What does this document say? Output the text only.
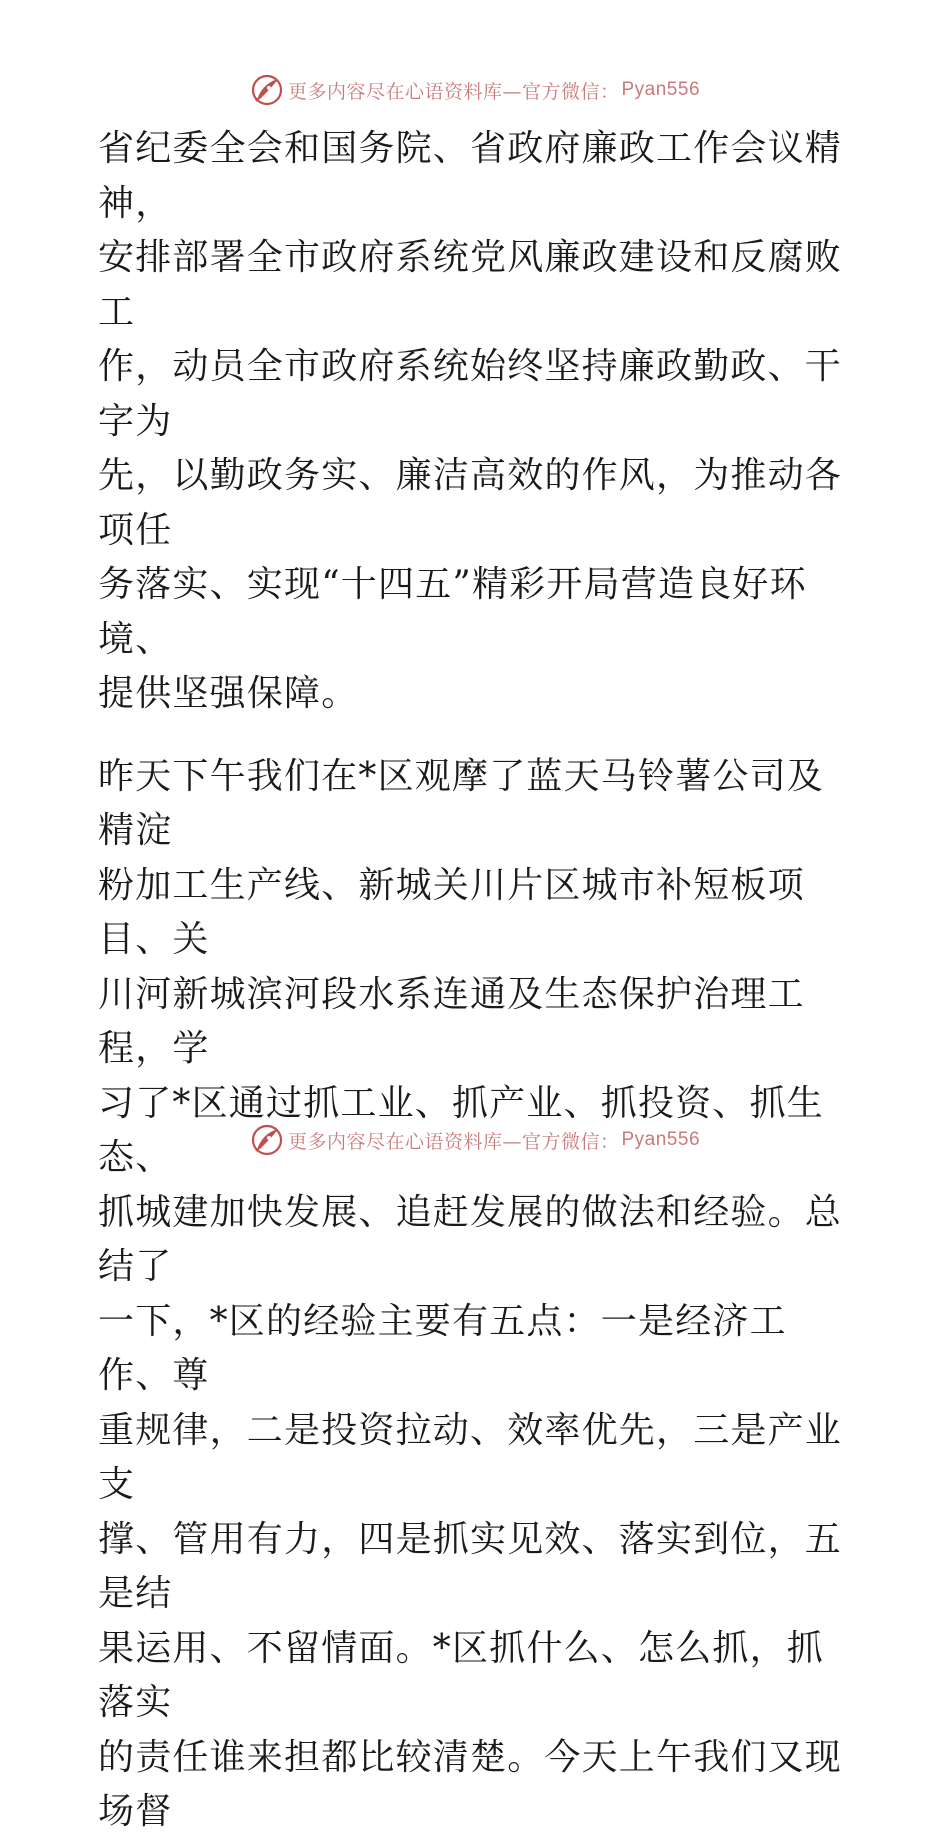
更多内容尽在心语资料库—官方微信： Pyan556

省纪委全会和国务院、省政府廉政工作会议精神，
安排部署全市政府系统党风廉政建设和反腐败工
作，动员全市政府系统始终坚持廉政勤政、干字为
先，以勤政务实、廉洁高效的作风，为推动各项任
务落实、实现“十四五”精彩开局营造良好环境、
提供坚强保障。

昨天下午我们在*区观摩了蓝天马铃薯公司及精淀
粉加工生产线、新城关川片区城市补短板项目、关
川河新城滨河段水系连通及生态保护治理工程，学
习了*区通过抓工业、抓产业、抓投资、抓生态、
抓城建加快发展、追赶发展的做法和经验。总结了
一下，*区的经验主要有五点：一是经济工作、尊
重规律，二是投资拉动、效率优先，三是产业支
撑、管用有力，四是抓实见效、落实到位，五是结
果运用、不留情面。*区抓什么、怎么抓，抓落实
的责任谁来担都比较清楚。今天上午我们又现场督

更多内容尽在心语资料库—官方微信： Pyan556
